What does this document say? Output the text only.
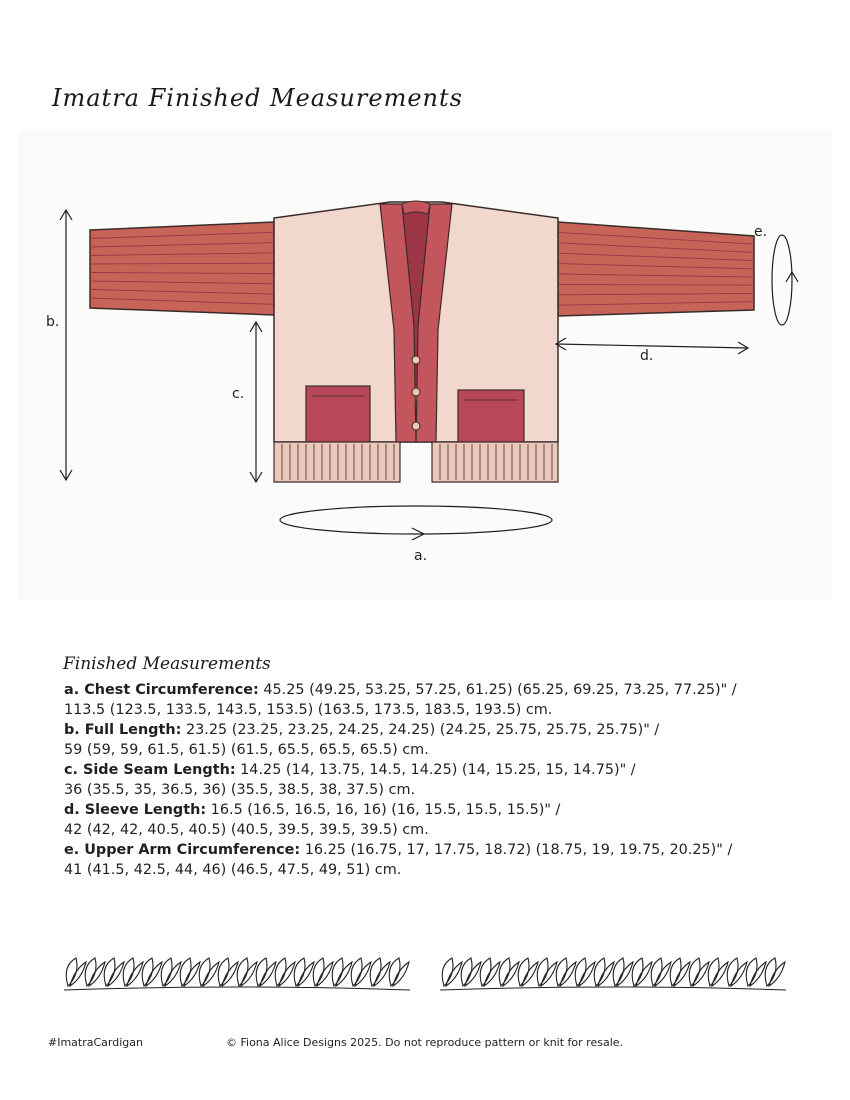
Imatra Finished Measurements
b.
c.
e.
d.
a.
Finished Measurements
a. Chest Circumference: 45.25 (49.25, 53.25, 57.25, 61.25) (65.25, 69.25, 73.25, 77.25)" /
113.5 (123.5, 133.5, 143.5, 153.5) (163.5, 173.5, 183.5, 193.5) cm.
b. Full Length: 23.25 (23.25, 23.25, 24.25, 24.25) (24.25, 25.75, 25.75, 25.75)" /
59 (59, 59, 61.5, 61.5) (61.5, 65.5, 65.5, 65.5) cm.
c. Side Seam Length: 14.25 (14, 13.75, 14.5, 14.25) (14, 15.25, 15, 14.75)" /
36 (35.5, 35, 36.5, 36) (35.5, 38.5, 38, 37.5) cm.
d. Sleeve Length: 16.5 (16.5, 16.5, 16, 16) (16, 15.5, 15.5, 15.5)" /
42 (42, 42, 40.5, 40.5) (40.5, 39.5, 39.5, 39.5) cm.
e. Upper Arm Circumference: 16.25 (16.75, 17, 17.75, 18.72) (18.75, 19, 19.75, 20.25)" /
41 (41.5, 42.5, 44, 46) (46.5, 47.5, 49, 51) cm.
#ImatraCardigan	© Fiona Alice Designs 2025. Do not reproduce pattern or knit for resale.
